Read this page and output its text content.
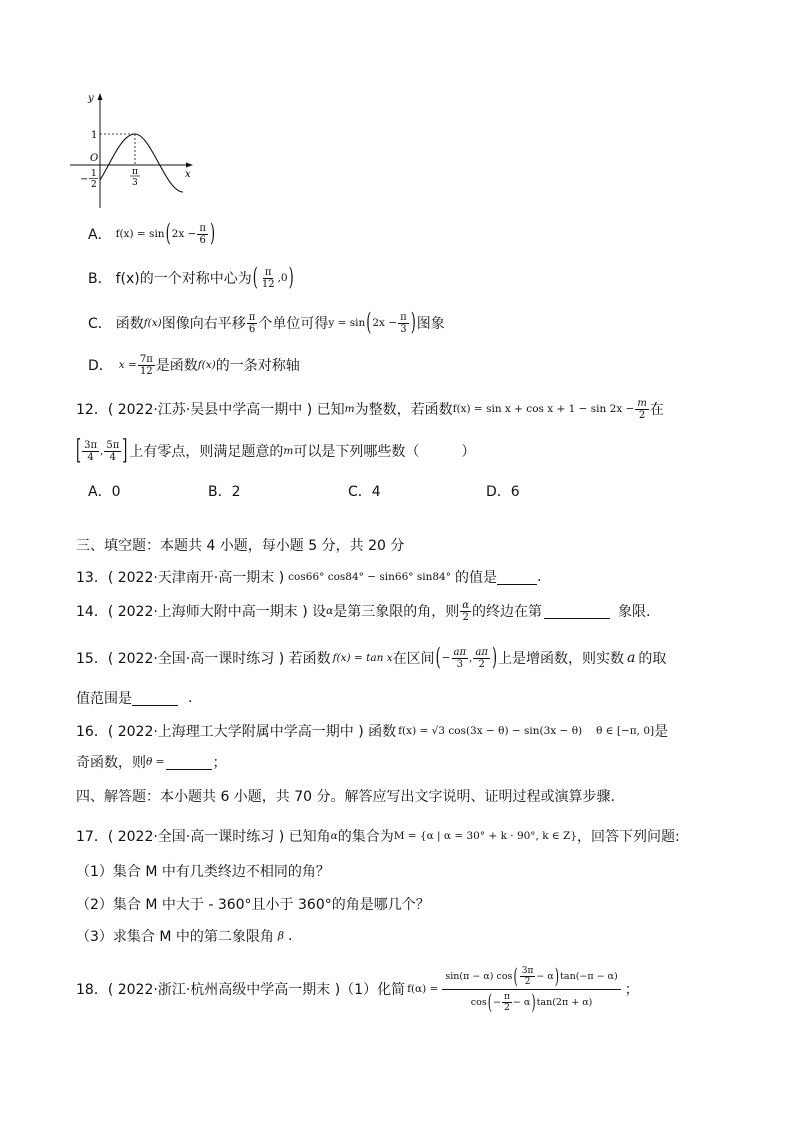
y
x
O
1
− 1
2
π
3
A． f(x) = sin ( $2x - \frac{\pi}{6}$ )
B． f(x)的一个对称中心为 ( $\frac{\pi}{12} ,0$ )
C． 函数 f(x) 图像向右平移 $\frac{\pi}{6}$ 个单位可得 y = sin ( $2x - \frac{\pi}{3}$ ) 图象
D． $x = \frac{7\pi}{12}$ 是函数 f(x) 的一条对称轴
12．( 2022·江苏·吴县中学高一期中 ) 已知 m 为整数，若函数 $f(x) = \sin x + \cos x + 1 - \sin 2x - \frac{m}{2}$ 在
[ $\frac{3\pi}{4}$ , $\frac{5\pi}{4}$ ] 上有零点，则满足题意的 m 可以是下列哪些数（　　　）
A．0	B．2	C．4	D．6
三、填空题：本题共 4 小题，每小题 5 分，共 20 分
13．( 2022·天津南开·高一期末 ) cos66° cos84° − sin66° sin84° 的值是	.
14．( 2022·上海师大附中高一期末 ) 设 α 是第三象限的角，则 $\frac{\alpha}{2}$ 的终边在第	象限.
15．( 2022·全国·高一课时练习 ) 若函数 f(x) = tan x 在区间 ( − $\frac{a\pi}{3}$ , $\frac{a\pi}{2}$ ) 上是增函数，则实数 a 的取
值范围是	.
16．( 2022·上海理工大学附属中学高一期中 ) 函数 f(x) = √3 cos(3x − θ) − sin(3x − θ) θ ∈ [−π, 0] 是
奇函数，则 θ =	；
四、解答题：本小题共 6 小题，共 70 分。解答应写出文字说明、证明过程或演算步骤.
17．( 2022·全国·高一课时练习 ) 已知角 α 的集合为 M = {α | α = 30° + k · 90°, k ∈ Z} ，回答下列问题:
（1）集合 M 中有几类终边不相同的角？
（2）集合 M 中大于 - 360°且小于 360°的角是哪几个？
（3）求集合 M 中的第二象限角 β .
18．( 2022·浙江·杭州高级中学高一期末 )（1）化简 f(α) =
sin(π − α) cos ( $\frac{3\pi}{2} - \alpha$ ) tan(−π − α)
cos ( − $\frac{\pi}{2} - \alpha$ ) tan(2π + α)
；
